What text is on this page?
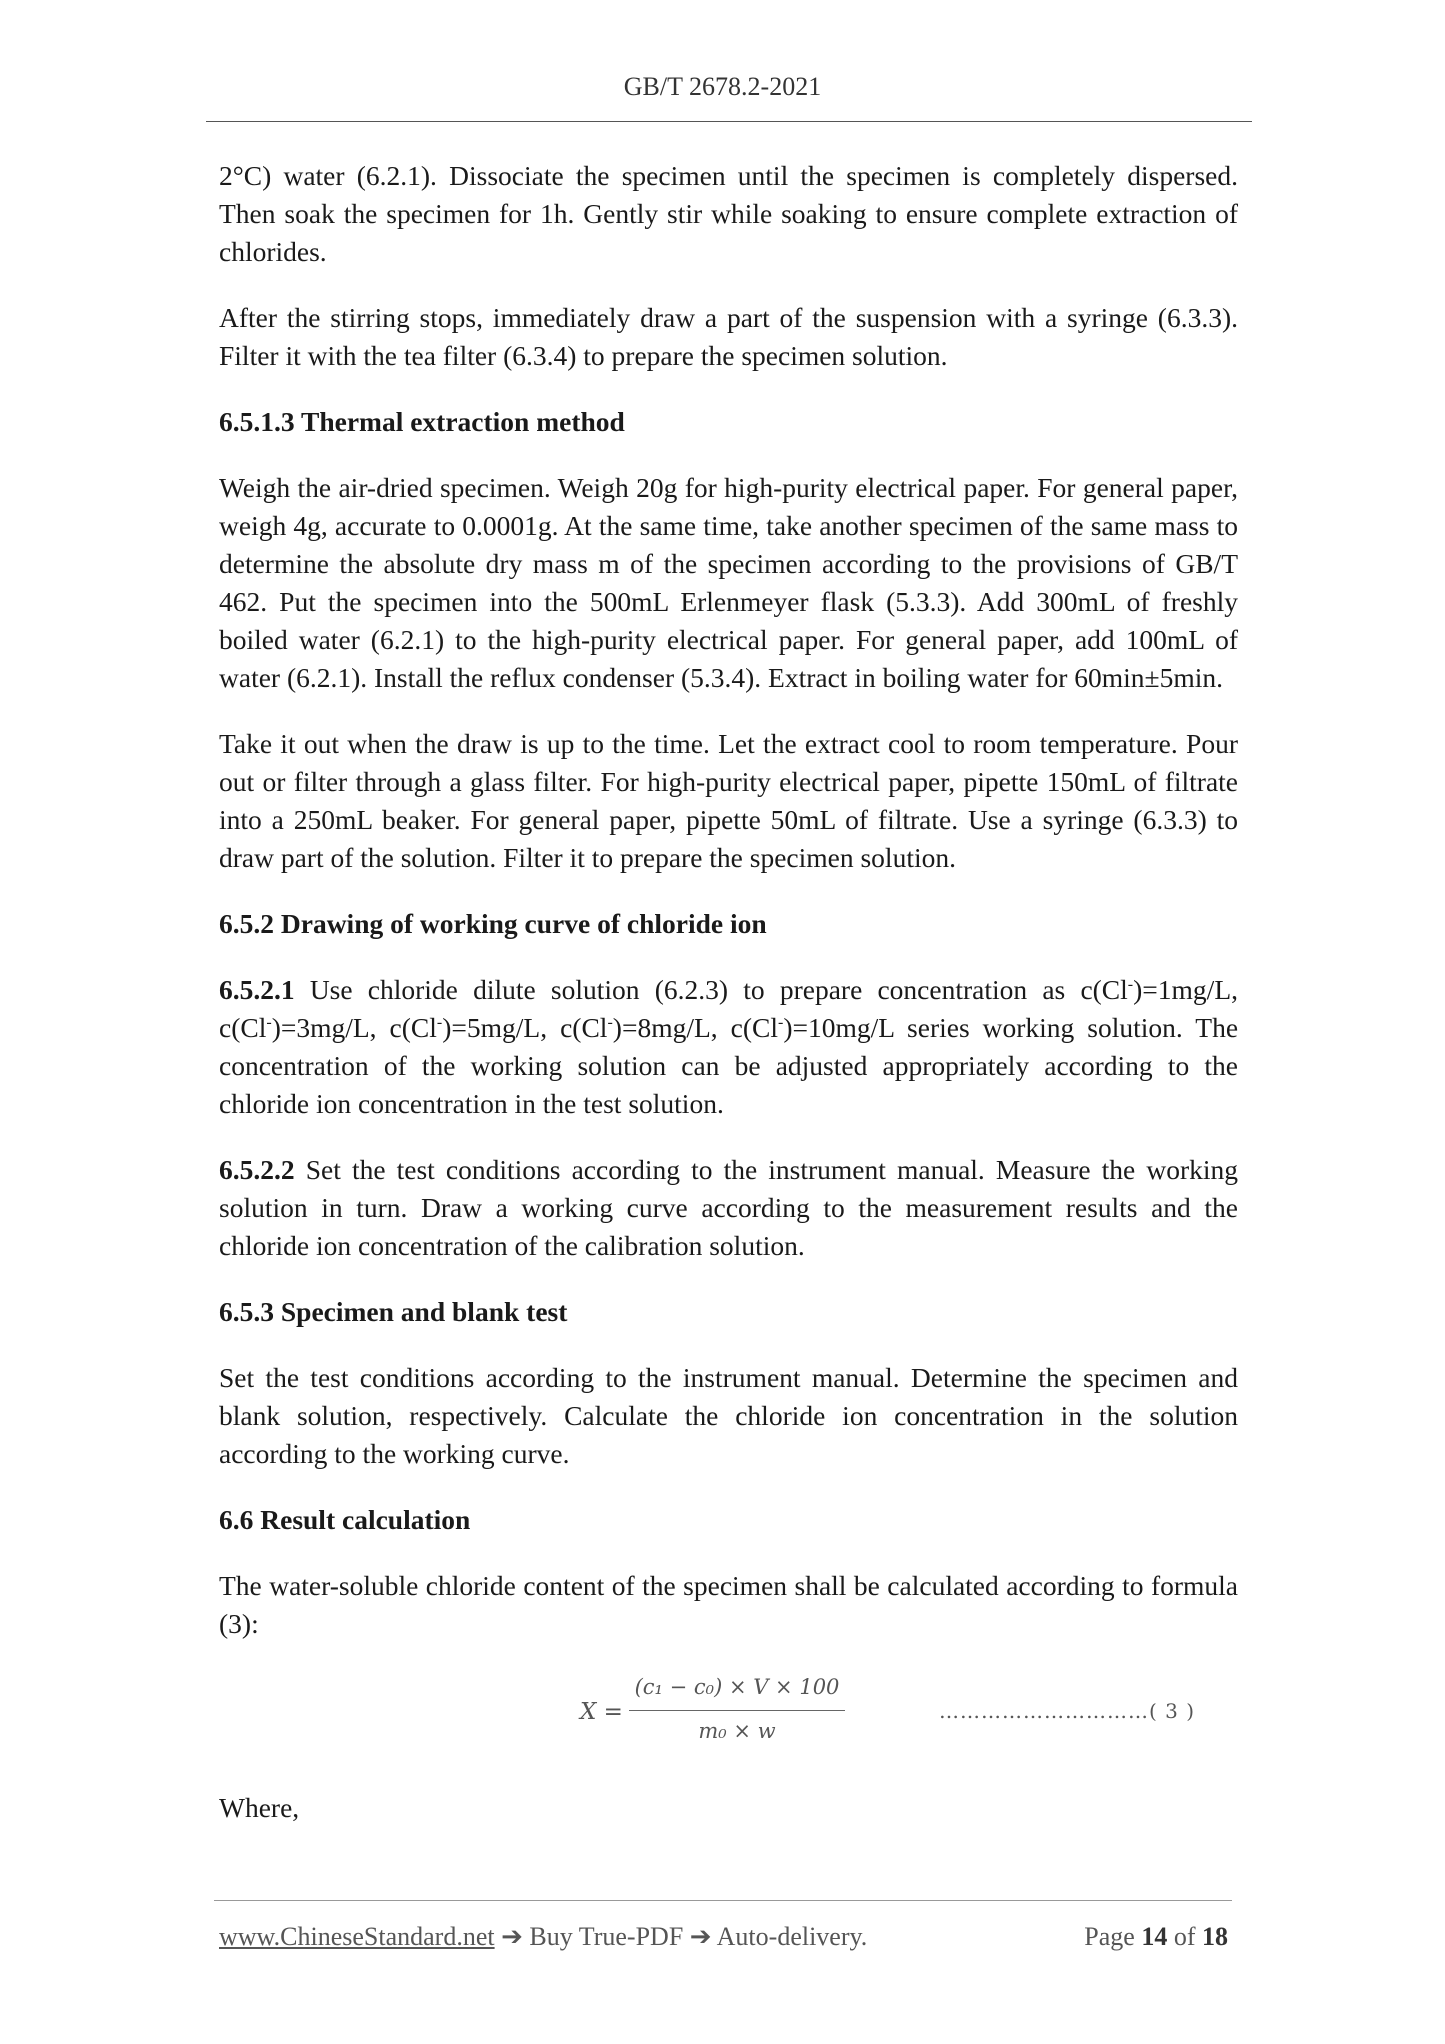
GB/T 2678.2-2021

2°C) water (6.2.1). Dissociate the specimen until the specimen is completely dispersed. Then soak the specimen for 1h. Gently stir while soaking to ensure complete extraction of chlorides.

After the stirring stops, immediately draw a part of the suspension with a syringe (6.3.3). Filter it with the tea filter (6.3.4) to prepare the specimen solution.

6.5.1.3 Thermal extraction method

Weigh the air-dried specimen. Weigh 20g for high-purity electrical paper. For general paper, weigh 4g, accurate to 0.0001g. At the same time, take another specimen of the same mass to determine the absolute dry mass m of the specimen according to the provisions of GB/T 462. Put the specimen into the 500mL Erlenmeyer flask (5.3.3). Add 300mL of freshly boiled water (6.2.1) to the high-purity electrical paper. For general paper, add 100mL of water (6.2.1). Install the reflux condenser (5.3.4). Extract in boiling water for 60min±5min.

Take it out when the draw is up to the time. Let the extract cool to room temperature. Pour out or filter through a glass filter. For high-purity electrical paper, pipette 150mL of filtrate into a 250mL beaker. For general paper, pipette 50mL of filtrate. Use a syringe (6.3.3) to draw part of the solution. Filter it to prepare the specimen solution.

6.5.2 Drawing of working curve of chloride ion

6.5.2.1 Use chloride dilute solution (6.2.3) to prepare concentration as c(Cl-)=1mg/L, c(Cl-)=3mg/L, c(Cl-)=5mg/L, c(Cl-)=8mg/L, c(Cl-)=10mg/L series working solution. The concentration of the working solution can be adjusted appropriately according to the chloride ion concentration in the test solution.

6.5.2.2 Set the test conditions according to the instrument manual. Measure the working solution in turn. Draw a working curve according to the measurement results and the chloride ion concentration of the calibration solution.

6.5.3 Specimen and blank test

Set the test conditions according to the instrument manual. Determine the specimen and blank solution, respectively. Calculate the chloride ion concentration in the solution according to the working curve.

6.6 Result calculation

The water-soluble chloride content of the specimen shall be calculated according to formula (3):

X =
(c₁ − c₀) × V × 100
m₀ × w
…………………………( 3 )

Where,

www.ChineseStandard.net ➔ Buy True-PDF ➔ Auto-delivery.	Page 14 of 18
